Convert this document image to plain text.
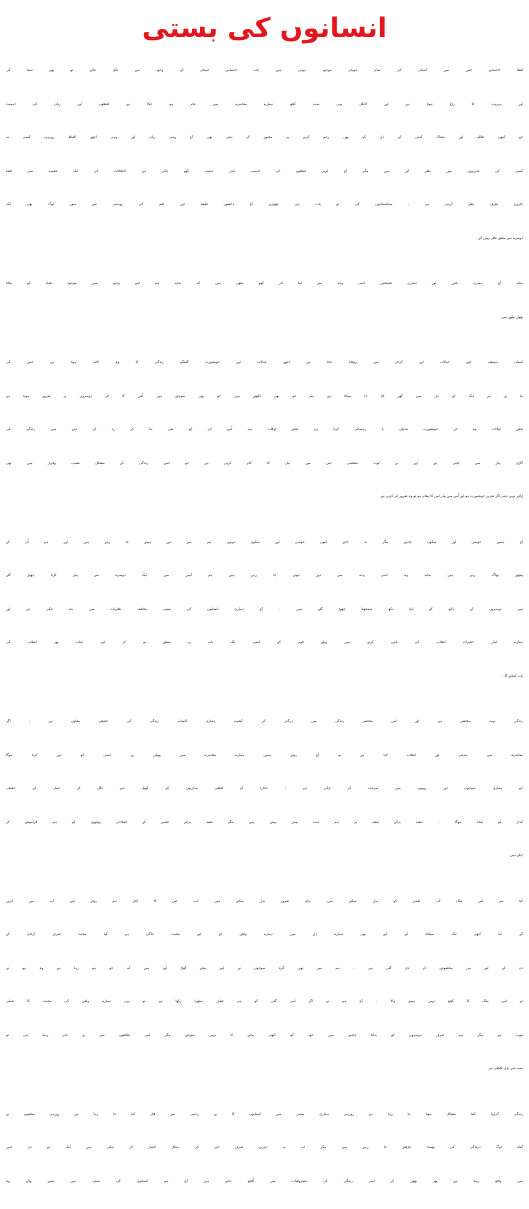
انسانوں کی بستی
لفظ احساس جس میں انسان کی تمام خوبیاں موجود ہوتی ہیں جب احساس انسان کے وجود سے نکل جائے تو پھر سفا کی
اور بربریت کا راج ہوتا ہے اور آجکل یہی سب کچھ ہمارے معاشرے میں عام ہو چکا ہے لفظوں اور زبان کی اہمیت
جو کبھی ظالم اور سفاک آدمی کے دل کو بھی رحم کرنے پر مجبور کر دیتی تھی آج وہی زبان اور وہی اچھے الفاظ روزہی کسی نہ
کسی کی تحریروں میں نظر آتے ہیں مگر آج انہی لفظوں کی اہمیت اپنی حیثیت کھو چکی ہے اختلافات کی ایک عجیب سی فضا
چاروں طرف نظر آرہی ہے ، سیاستدانوں کی تو بات ہی چھوڑیے آج دانشور طبقہ اور علم کی روشنی سے منور لوگ بھی ایک
دوسرے سے متفق نظر نہیں آتے ۔
شاید آج ہماری باتیں اور ہماری نصیحتیں اسی وجہ سے اپنا اثر کھو بیٹھی ہیں کہ شاید ہم اپنے وجود میں موجود تضاد کو مٹانا
بھول بیٹھے ہیں
انسان ہمیشہ اپنے خیالات اور کردار سے پہچانا جاتا ہے اچھے خیالات اور خوبصورت گفتگو زندگی کا وہ اثاثہ ہوتا ہے جس کی
بنا پر ہر ایک کے دل میں گھر کیا جا سکتا ہے ہم جو بھی لکھتے ہیں جو بھی سوچتے ہیں اُس کا اثر دوسروں پر ضرور ہوتا ہے
بعض اوقات وہ اثر خوبصورت تبدیلی یا رہنمائی کرتا ہے بعض اوقات ہم اُس اثر کو نفی بنا کر رد کر دیتے ہیں زندگی کی
گاڑی پیار سے چلتی ہے اور بے لوث مخلصی اس میں تیل کا کام کرتی ہے جو اسے زندگی کے مشکل نشیب وفراز میں بھی
رُکنے نہیں دیتی اگر تحریر خوبصورت ہو اور اُس میں پیار امن کا پیغام ہو تو وہ ضرور اثر کرتی ہے
آج ہمیں خوشی اور سکون چاہیے مگر نہ جانے کیوں خوشی اور سکون دونوں ہم سے دور ہوتے جا رہے ہیں اور ہم اُن کے
پیچھے بھاگ رہے ہیں شاید وہ اسی وجہ سے دور ہوتے جا رہے ہیں ہم آپس میں ایک دوسرے سے پیار کرنا چھوڑ گئے
ہیں دوسروں کے دکھ کو اپنا دکھ سمجھنا چھوڑ گئے ہیں ۔ آج ہماری انسانوں کی بستی مختلف نظریات میں بٹ چکی ہے اور
ہمارے لیڈر حضرات انقلاب کی باتیں کرتے ہیں پہلے قوم کو کسی ایک بات پر متفق تو کر لیں جناب پھر انقلاب کی
بات کیجئے گا ۔
زندگی بہت مختصر ہے اور اس مختصر زندگی میں درگذر کی کیفیت ہماری کامیاب زندگی کی حقیقی معاون ہے ، اگر
معاشرے میں تبدیلی اور انقلاب لانا ہے تو آج پہلے ہمیں ہمارے معاشرے میں پھیلی بے حسی کو دور کرنا ہوگا
جو ہماری سوچوں اور رویوں میں سرایت کر چکی ہے ، خدارا آج لفظی مداریوں کے کھیل سے نکل کر عمل کے حقیقی
انداز کو اپنانا ہوگا ۔ تنقید برائے تنقید پر ہم سب پیش پیش ہیں مگر تنقید برائے تعمیر کے اصلاحی پہلوؤں کو ہم فراموش کر
چکے ہیں
کیا ہم اس ملک کی تقدیر کو بدل سکتے ہیں، ہاں ضرور بدل سکتے ہیں جب اس کا آغاز ہم پہلے اپنے آپ سے کریں
گے کیا کبھی ایک سیکنڈ کے لیے بھی ہمارے دل میں ہمارے وطن کے لیے محبت جاگی ہے کیا محبت صرف آزادی کے
دن کے لیے ہی مخصوص کر دی گئی ہے ۔ ہم میں بھی گرہ سوچوں نے اپنے پنجے گھاڑ لیے ہیں کہ جو ہو رہا ہے وہ ہو نے
دو اس ملک کا کچھ نہیں ہونے والا ۔ آج ہم نے اگر اپنی گلی کو ہی صاف ستھرا رکھا ہے تو یہی ہمارے وطن کی محبت کا عملی
ثبوت ہے مگر ہم صرف دوسروں کو بدلنا چاہتے ہیں خود کو کبھی بدلنے کا نہیں سوچتے مگر اپنی غلطیوں سے بے خبر رہنا ہی تو
سب سے بڑی غلطی ہے
زندگی گزارنا کتنا مشکل ہوتا جا رہا ہے روزہی ہماری بستی میں انسانوں کا بے رحمی سے قتل کیا جا رہا ہے روزہی معصوم بے
گناہ لوگ درندگی کی بھینٹ چڑھتے جا رہے ہیں مگر اب یہ چیزیں صرف خبر کی شکل اختیار کر چکی ہیں ایک دو دن ذہن
میں واقع رہتا ہے پھر بھول کر اپنی زندگی کی مصروفیات میں اُلجھ جاتے ہیں آج ہم انسانوں کی بستی میں بسنے والے وہ
